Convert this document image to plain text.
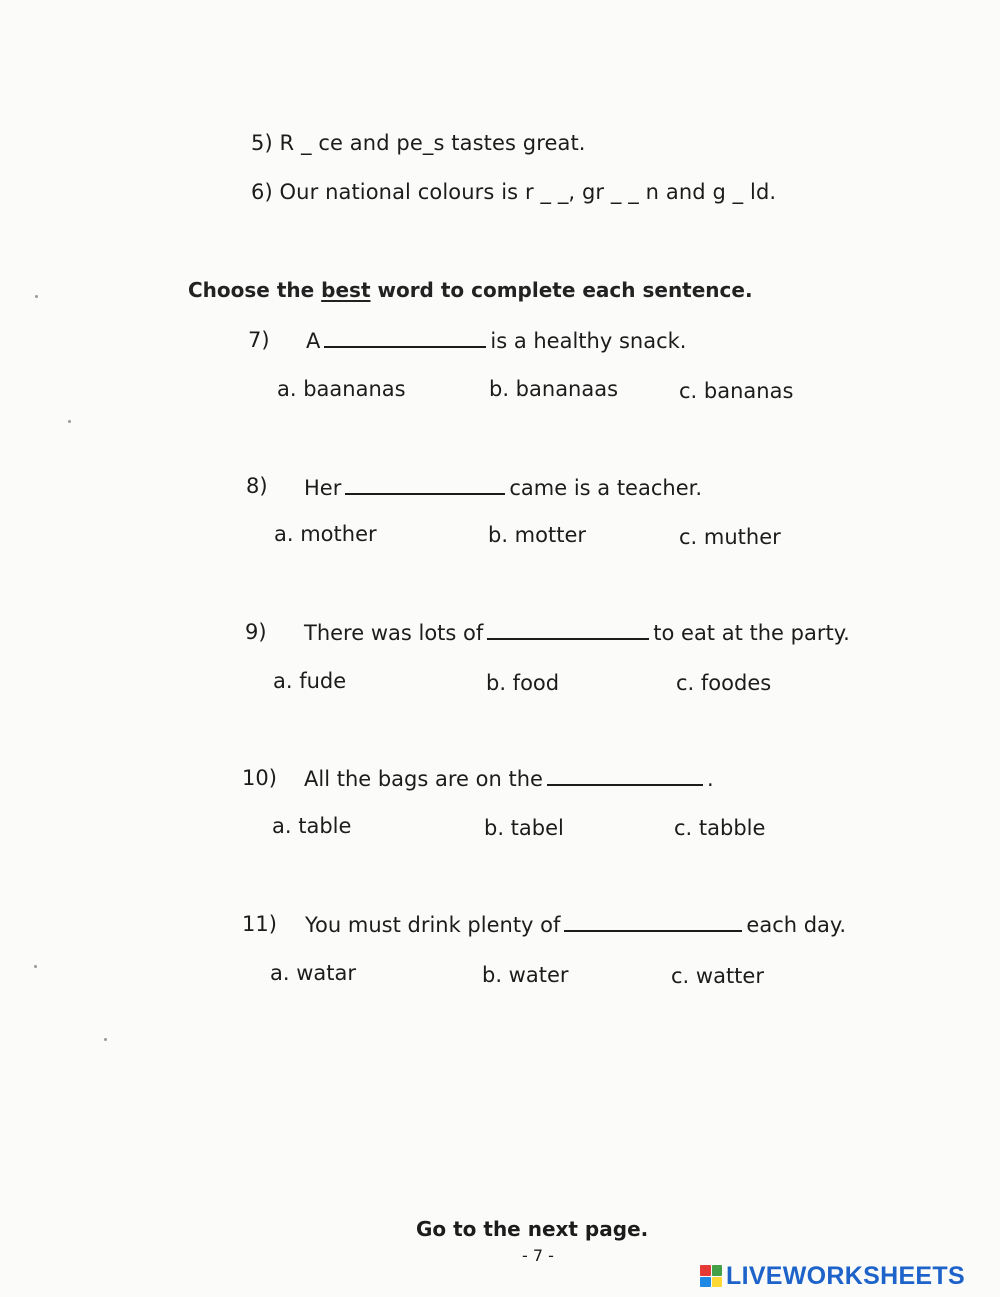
5) R _ ce and pe_s tastes great.
6) Our national colours is r _ _, gr _ _ n and g _ ld.
Choose the best word to complete each sentence.
7) A	is a healthy snack.
a. baananas	b. bananaas	c. bananas
8) Her	came is a teacher.
a. mother	b. motter	c. muther
9) There was lots of	to eat at the party.
a. fude	b. food	c. foodes
10) All the bags are on the	.
a. table	b. tabel	c. tabble
11) You must drink plenty of	each day.
a. watar	b. water	c. watter
Go to the next page.
- 7 -
LIVEWORKSHEETS
